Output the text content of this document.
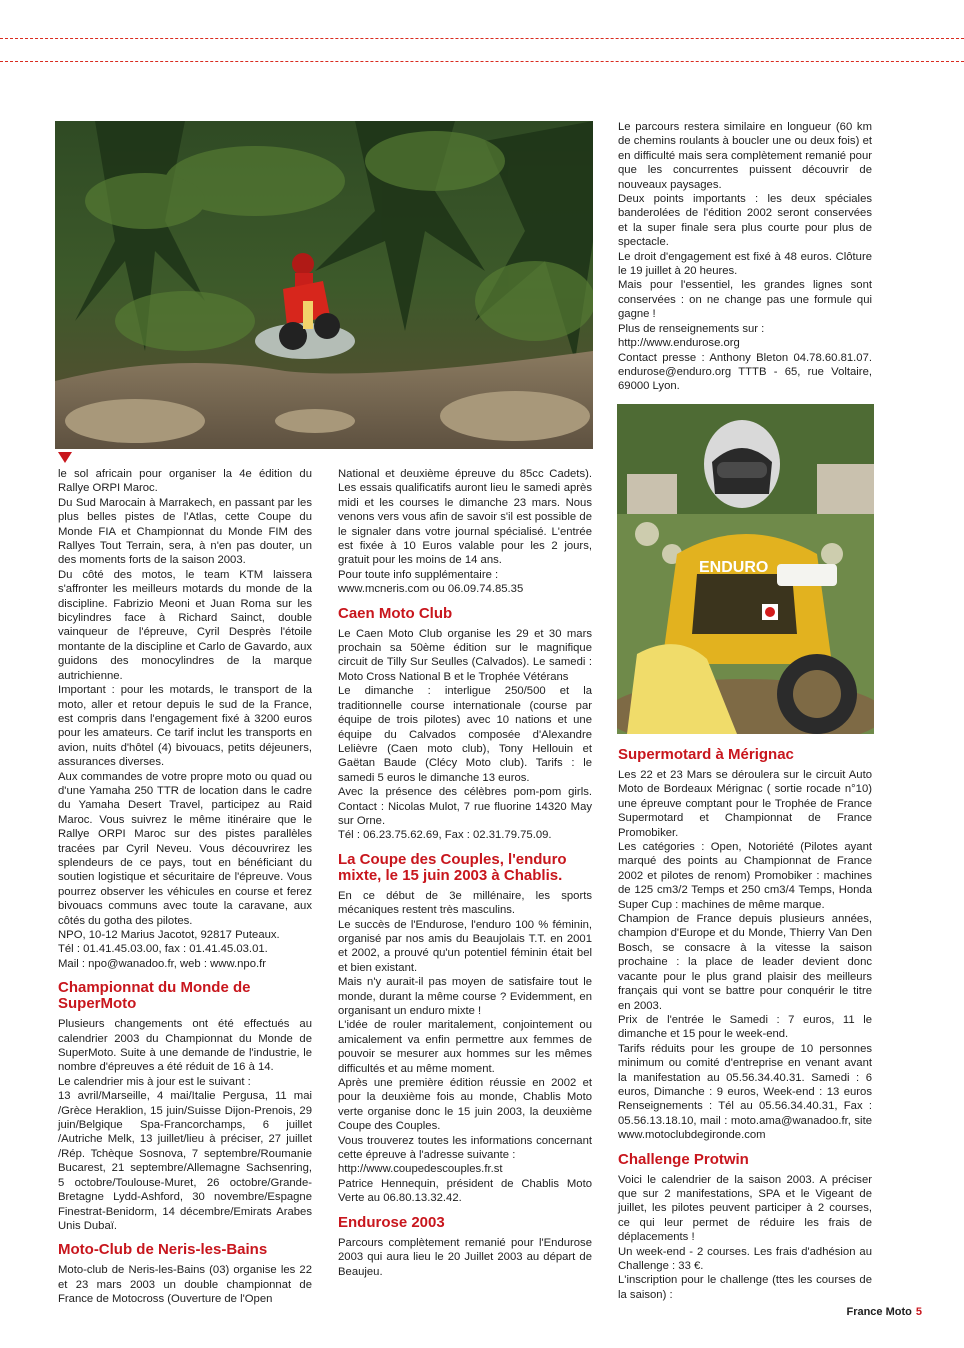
ENDURO

le sol africain pour organiser la 4e édition du Rallye ORPI Maroc.

Du Sud Marocain à Marrakech, en passant par les plus belles pistes de l'Atlas, cette Coupe du Monde FIA et Championnat du Monde FIM des Rallyes Tout Terrain, sera, à n'en pas douter, un des moments forts de la saison 2003.

Du côté des motos, le team KTM laissera s'affronter les meilleurs motards du monde de la discipline. Fabrizio Meoni et Juan Roma sur les bicylindres face à Richard Sainct, double vainqueur de l'épreuve, Cyril Desprès l'étoile montante de la discipline et Carlo de Gavardo, aux guidons des monocylindres de la marque autrichienne.

Important : pour les motards, le transport de la moto, aller et retour depuis le sud de la France, est compris dans l'engagement fixé à 3200 euros pour les amateurs. Ce tarif inclut les transports en avion, nuits d'hôtel (4) bivouacs, petits déjeuners, assurances diverses.

Aux commandes de votre propre moto ou quad ou d'une Yamaha 250 TTR de location dans le cadre du Yamaha Desert Travel, participez au Raid Maroc. Vous suivrez le même itinéraire que le Rallye ORPI Maroc sur des pistes parallèles tracées par Cyril Neveu. Vous découvrirez les splendeurs de ce pays, tout en bénéficiant du soutien logistique et sécuritaire de l'épreuve. Vous pourrez observer les véhicules en course et ferez bivouacs communs avec toute la caravane, aux côtés du gotha des pilotes.

NPO, 10-12 Marius Jacotot, 92817 Puteaux.

Tél : 01.41.45.03.00, fax : 01.41.45.03.01.

Mail : npo@wanadoo.fr, web : www.npo.fr

Championnat du Monde de SuperMoto

Plusieurs changements ont été effectués au calendrier 2003 du Championnat du Monde de SuperMoto. Suite à une demande de l'industrie, le nombre d'épreuves a été réduit de 16 à 14.

Le calendrier mis à jour est le suivant :

13 avril/Marseille, 4 mai/Italie Pergusa, 11 mai /Grèce Heraklion, 15 juin/Suisse Dijon-Prenois, 29 juin/Belgique Spa-Francorchamps, 6 juillet /Autriche Melk, 13 juillet/lieu à préciser, 27 juillet /Rép. Tchèque Sosnova, 7 septembre/Roumanie Bucarest, 21 septembre/Allemagne Sachsenring, 5 octobre/Toulouse-Muret, 26 octobre/Grande-Bretagne Lydd-Ashford, 30 novembre/Espagne Finestrat-Benidorm, 14 décembre/Emirats Arabes Unis Dubaï.

Moto-Club de Neris-les-Bains

Moto-club de Neris-les-Bains (03) organise les 22 et 23 mars 2003 un double championnat de France de Motocross (Ouverture de l'Open

National et deuxième épreuve du 85cc Cadets). Les essais qualificatifs auront lieu le samedi après midi et les courses le dimanche 23 mars. Nous venons vers vous afin de savoir s'il est possible de le signaler dans votre journal spécialisé. L'entrée est fixée à 10 Euros valable pour les 2 jours, gratuit pour les moins de 14 ans.

Pour toute info supplémentaire :

www.mcneris.com ou 06.09.74.85.35

Caen Moto Club

Le Caen Moto Club organise les 29 et 30 mars prochain sa 50ème édition sur le magnifique circuit de Tilly Sur Seulles (Calvados). Le samedi : Moto Cross National B et le Trophée Vétérans

Le dimanche : interligue 250/500 et la traditionnelle course internationale (course par équipe de trois pilotes) avec 10 nations et une équipe du Calvados composée d'Alexandre Lelièvre (Caen moto club), Tony Hellouin et Gaëtan Baude (Clécy Moto club). Tarifs : le samedi 5 euros le dimanche 13 euros.

Avec la présence des célèbres pom-pom girls. Contact : Nicolas Mulot, 7 rue fluorine 14320 May sur Orne.

Tél : 06.23.75.62.69, Fax : 02.31.79.75.09.

La Coupe des Couples, l'enduro mixte, le 15 juin 2003 à Chablis.

En ce début de 3e millénaire, les sports mécaniques restent très masculins.

Le succès de l'Endurose, l'enduro 100 % féminin, organisé par nos amis du Beaujolais T.T. en 2001 et 2002, a prouvé qu'un potentiel féminin était bel et bien existant.

Mais n'y aurait-il pas moyen de satisfaire tout le monde, durant la même course ? Evidemment, en organisant un enduro mixte !

L'idée de rouler maritalement, conjointement ou amicalement va enfin permettre aux femmes de pouvoir se mesurer aux hommes sur les mêmes difficultés et au même moment.

Après une première édition réussie en 2002 et pour la deuxième fois au monde, Chablis Moto verte organise donc le 15 juin 2003, la deuxième Coupe des Couples.

Vous trouverez toutes les informations concernant cette épreuve à l'adresse suivante :

http://www.coupedescouples.fr.st

Patrice Hennequin, président de Chablis Moto Verte au 06.80.13.32.42.

Endurose 2003

Parcours complètement remanié pour l'Endurose 2003 qui aura lieu le 20 Juillet 2003 au départ de Beaujeu.

Le parcours restera similaire en longueur (60 km de chemins roulants à boucler une ou deux fois) et en difficulté mais sera complètement remanié pour que les concurrentes puissent découvrir de nouveaux paysages.

Deux points importants : les deux spéciales banderolées de l'édition 2002 seront conservées et la super finale sera plus courte pour plus de spectacle.

Le droit d'engagement est fixé à 48 euros. Clôture le 19 juillet à 20 heures.

Mais pour l'essentiel, les grandes lignes sont conservées : on ne change pas une formule qui gagne !

Plus de renseignements sur :

http://www.endurose.org

Contact presse : Anthony Bleton 04.78.60.81.07. endurose@enduro.org TTTB - 65, rue Voltaire, 69000 Lyon.

Supermotard à Mérignac

Les 22 et 23 Mars se déroulera sur le circuit Auto Moto de Bordeaux Mérignac ( sortie rocade n°10) une épreuve comptant pour le Trophée de France Supermotard et Championnat de France Promobiker.

Les catégories : Open, Notoriété (Pilotes ayant marqué des points au Championnat de France 2002 et pilotes de renom) Promobiker : machines de 125 cm3/2 Temps et 250 cm3/4 Temps, Honda Super Cup : machines de même marque.

Champion de France depuis plusieurs années, champion d'Europe et du Monde, Thierry Van Den Bosch, se consacre à la vitesse la saison prochaine : la place de leader devient donc vacante pour le plus grand plaisir des meilleurs français qui vont se battre pour conquérir le titre en 2003.

Prix de l'entrée le Samedi : 7 euros, 11 le dimanche et 15 pour le week-end.

Tarifs réduits pour les groupe de 10 personnes minimum ou comité d'entreprise en venant avant la manifestation au 05.56.34.40.31. Samedi : 6 euros, Dimanche : 9 euros, Week-end : 13 euros Renseignements : Tél au 05.56.34.40.31, Fax : 05.56.13.18.10, mail : moto.ama@wanadoo.fr, site www.motoclubdegironde.com

Challenge Protwin

Voici le calendrier de la saison 2003. A préciser que sur 2 manifestations, SPA et le Vigeant de juillet, les pilotes peuvent participer à 2 courses, ce qui leur permet de réduire les frais de déplacements !

Un week-end - 2 courses. Les frais d'adhésion au Challenge : 33 €.

L'inscription pour le challenge (ttes les courses de la saison) :

France Moto 5
